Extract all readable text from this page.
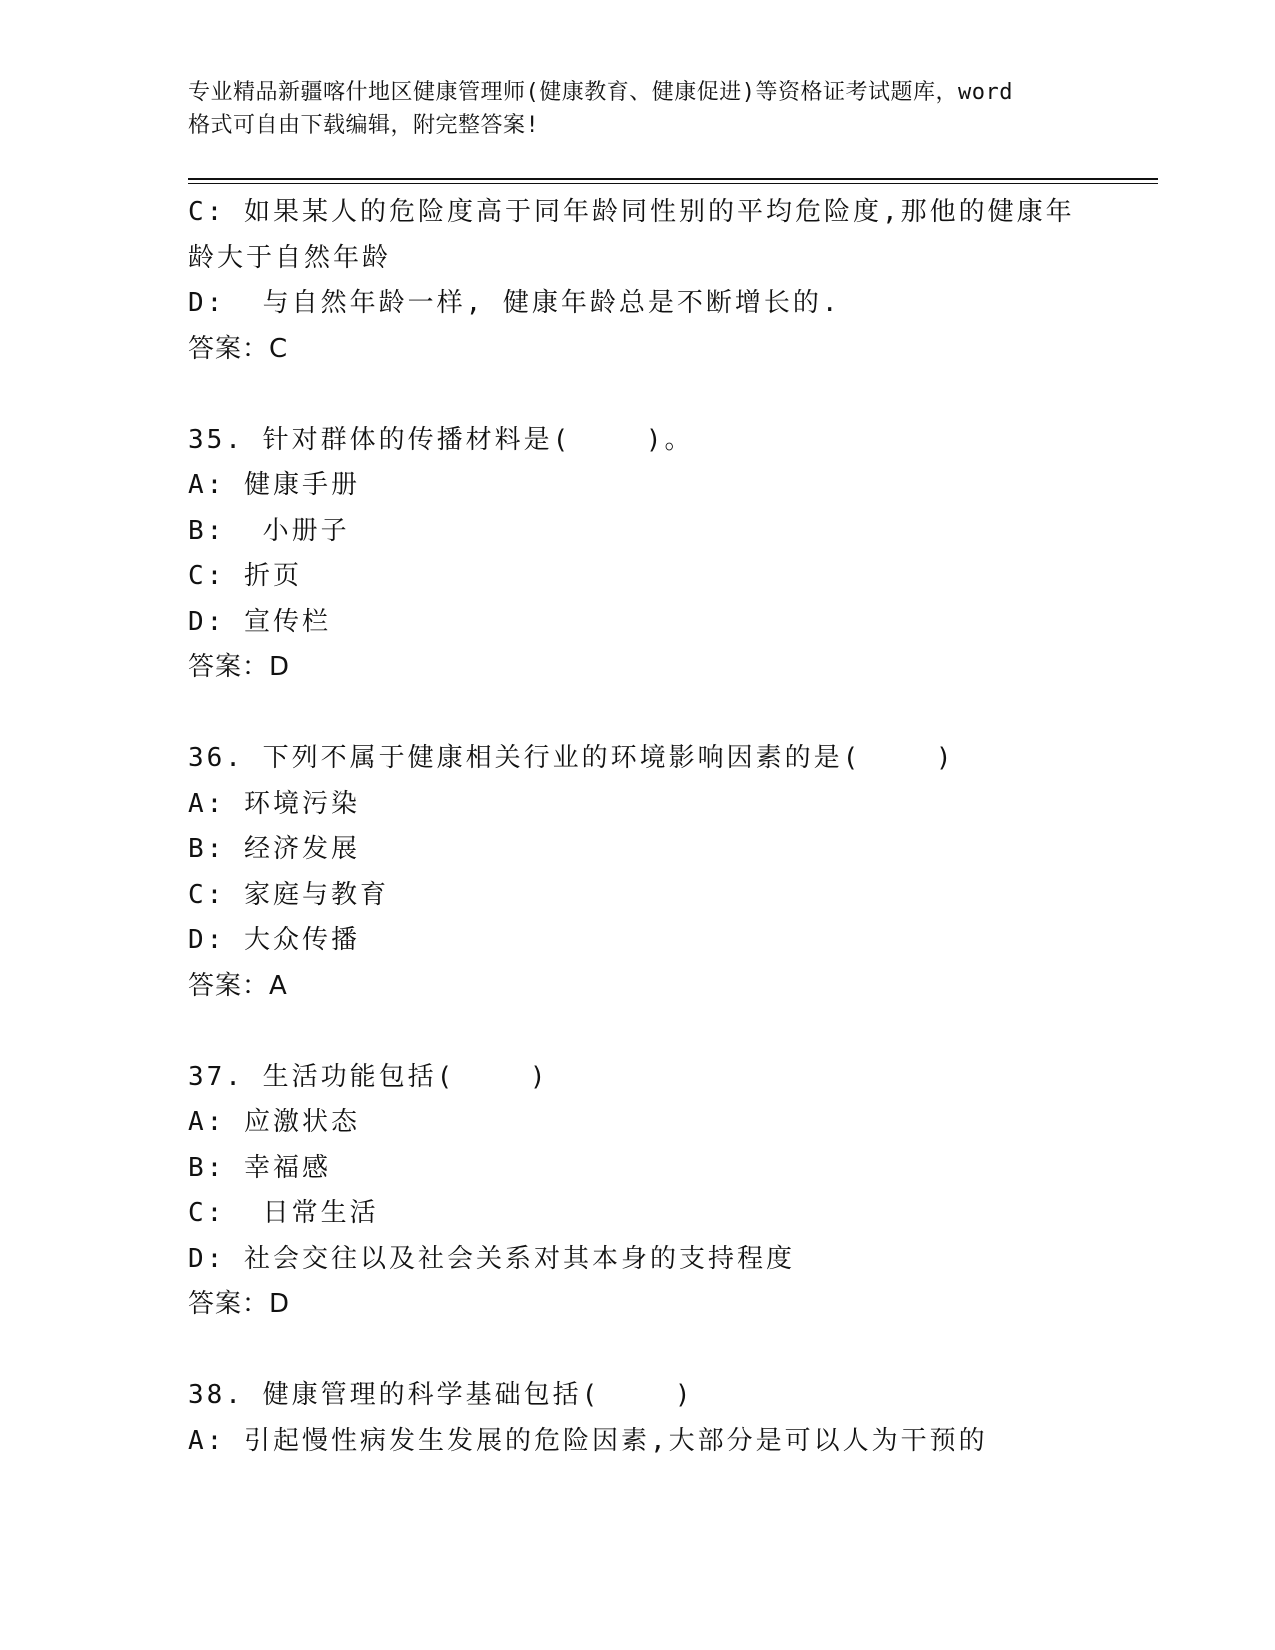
专业精品新疆喀什地区健康管理师(健康教育、健康促进)等资格证考试题库，word
格式可自由下载编辑，附完整答案!
C: 如果某人的危险度高于同年龄同性别的平均危险度,那他的健康年
龄大于自然年龄
D:  与自然年龄一样, 健康年龄总是不断增长的.
答案：C
35. 针对群体的传播材料是(    )。
A: 健康手册
B:  小册子
C: 折页
D: 宣传栏
答案：D
36. 下列不属于健康相关行业的环境影响因素的是(    )
A: 环境污染
B: 经济发展
C: 家庭与教育
D: 大众传播
答案：A
37. 生活功能包括(    )
A: 应激状态
B: 幸福感
C:  日常生活
D: 社会交往以及社会关系对其本身的支持程度
答案：D
38. 健康管理的科学基础包括(    )
A: 引起慢性病发生发展的危险因素,大部分是可以人为干预的
